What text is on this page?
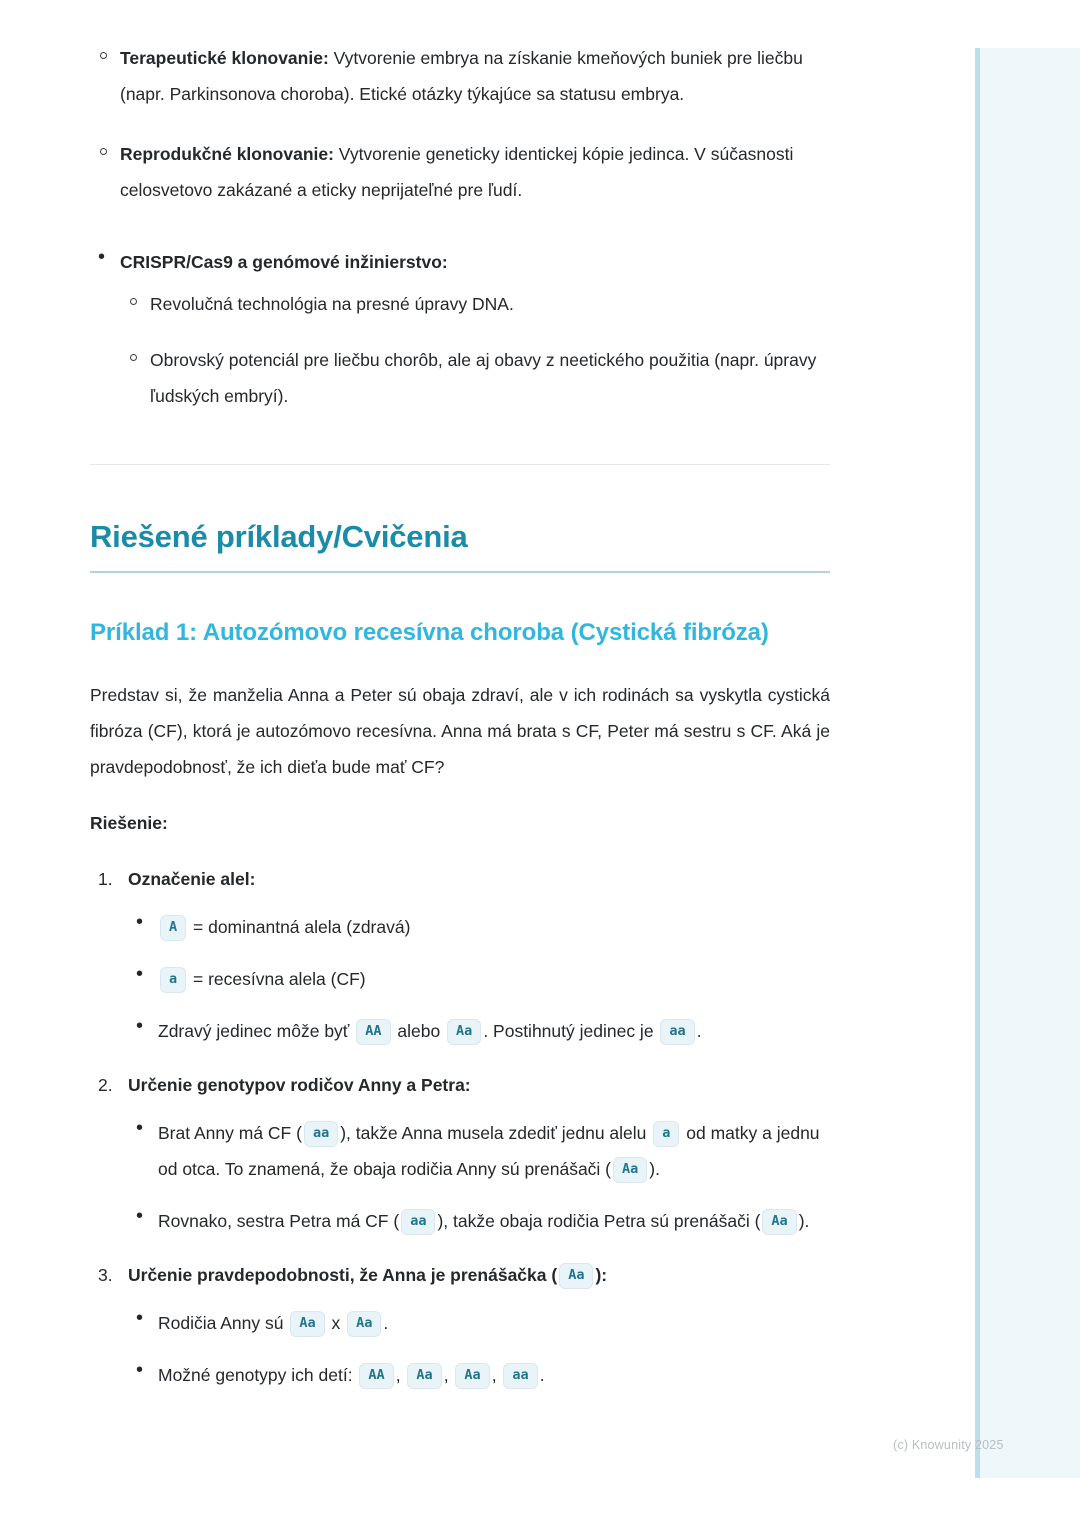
Terapeutické klonovanie: Vytvorenie embrya na získanie kmeňových buniek pre liečbu (napr. Parkinsonova choroba). Etické otázky týkajúce sa statusu embrya.
Reprodukčné klonovanie: Vytvorenie geneticky identickej kópie jedinca. V súčasnosti celosvetovo zakázané a eticky neprijateľné pre ľudí.
• CRISPR/Cas9 a genómové inžinierstvo:
Revolučná technológia na presné úpravy DNA.
Obrovský potenciál pre liečbu chorôb, ale aj obavy z neetického použitia (napr. úpravy ľudských embryí).
Riešené príklady/Cvičenia
Príklad 1: Autozómovo recesívna choroba (Cystická fibróza)

Predstav si, že manželia Anna a Peter sú obaja zdraví, ale v ich rodinách sa vyskytla cystická fibróza (CF), ktorá je autozómovo recesívna. Anna má brata s CF, Peter má sestru s CF. Aká je pravdepodobnosť, že ich dieťa bude mať CF?

Riešenie:

Označenie alel:
• A = dominantná alela (zdravá)
• a = recesívna alela (CF)
• Zdravý jedinec môže byť AA alebo Aa . Postihnutý jedinec je aa .
Určenie genotypov rodičov Anny a Petra:
• Brat Anny má CF ( aa ), takže Anna musela zdediť jednu alelu a od matky a jednu od otca. To znamená, že obaja rodičia Anny sú prenášači ( Aa ).
• Rovnako, sestra Petra má CF ( aa ), takže obaja rodičia Petra sú prenášači ( Aa ).
Určenie pravdepodobnosti, že Anna je prenášačka ( Aa ):
• Rodičia Anny sú Aa x Aa .
• Možné genotypy ich detí: AA , Aa , Aa , aa .
(c) Knowunity 2025
